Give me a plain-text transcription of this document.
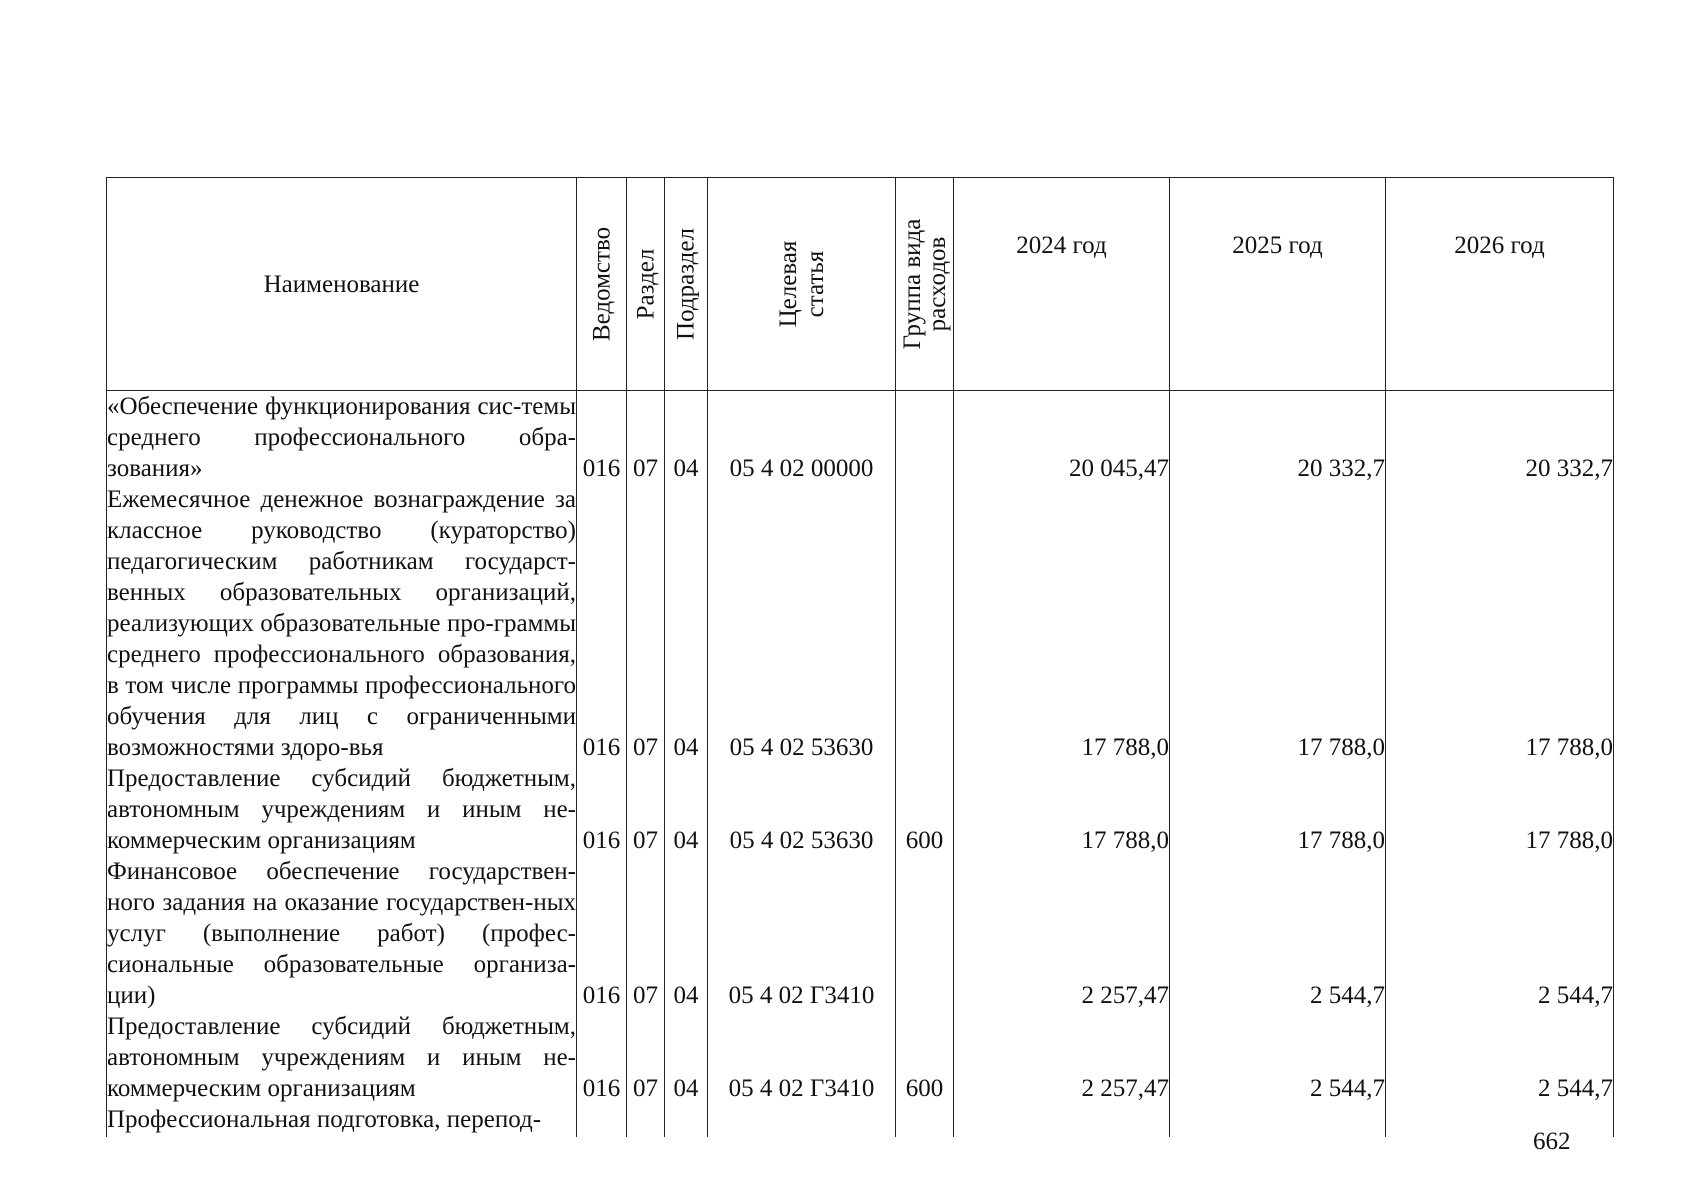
Наименование	Ведомство	Раздел	Подраздел	Целевая статья	Группа вида расходов	2024 год	2025 год	2026 год
«Обеспечение функционирования сис-темы среднего профессионального обра-зования»	016	07	04	05 4 02 00000		20 045,47	20 332,7	20 332,7
Ежемесячное денежное вознаграждение за классное руководство (кураторство) педагогическим работникам государст-венных образовательных организаций, реализующих образовательные про-граммы среднего профессионального образования, в том числе программы профессионального обучения для лиц с ограниченными возможностями здоро-вья	016	07	04	05 4 02 53630		17 788,0	17 788,0	17 788,0
Предоставление субсидий бюджетным, автономным учреждениям и иным не-коммерческим организациям	016	07	04	05 4 02 53630	600	17 788,0	17 788,0	17 788,0
Финансовое обеспечение государствен-ного задания на оказание государствен-ных услуг (выполнение работ) (профес-сиональные образовательные организа-ции)	016	07	04	05 4 02 Г3410		2 257,47	2 544,7	2 544,7
Предоставление субсидий бюджетным, автономным учреждениям и иным не-коммерческим организациям	016	07	04	05 4 02 Г3410	600	2 257,47	2 544,7	2 544,7
Профессиональная подготовка, перепод-								
662
